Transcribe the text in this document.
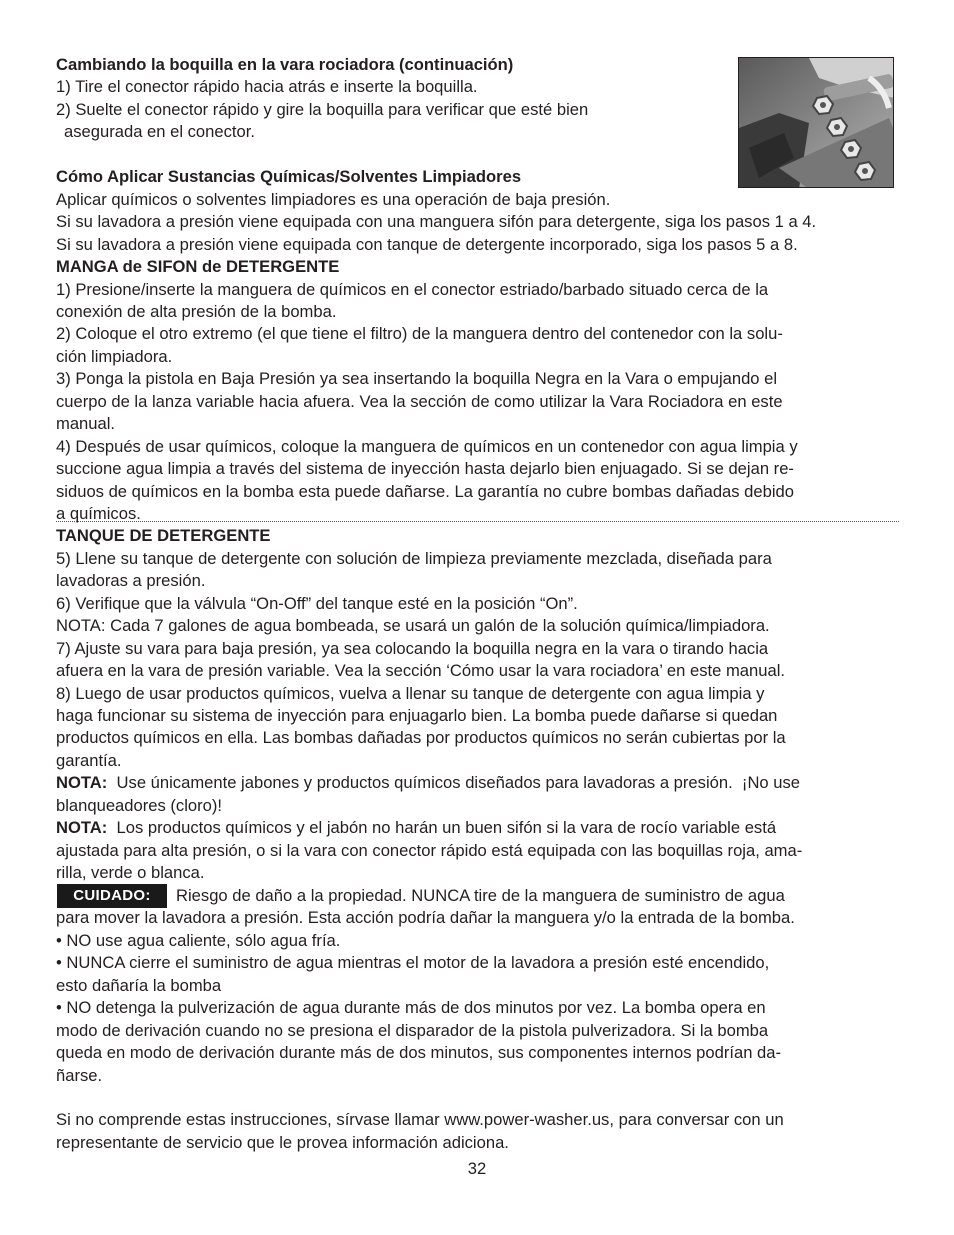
Cambiando la boquilla en la vara rociadora (continuación)
1) Tire el conector rápido hacia atrás e inserte la boquilla.
2) Suelte el conector rápido y gire la boquilla para verificar que esté bien
asegurada en el conector.
Cómo Aplicar Sustancias Químicas/Solventes Limpiadores
Aplicar químicos o solventes limpiadores es una operación de baja presión.
Si su lavadora a presión viene equipada con una manguera sifón para detergente, siga los pasos 1 a 4.
Si su lavadora a presión viene equipada con tanque de detergente incorporado, siga los pasos 5 a 8.
MANGA de SIFON de DETERGENTE
1) Presione/inserte la manguera de químicos en el conector estriado/barbado situado cerca de la
conexión de alta presión de la bomba.
2) Coloque el otro extremo (el que tiene el filtro) de la manguera dentro del contenedor con la solu-
ción limpiadora.
3) Ponga la pistola en Baja Presión ya sea insertando la boquilla Negra en la Vara o empujando el
cuerpo de la lanza variable hacia afuera. Vea la sección de como utilizar la Vara Rociadora en este
manual.
4) Después de usar químicos, coloque la manguera de químicos en un contenedor con agua limpia y
succione agua limpia a través del sistema de inyección hasta dejarlo bien enjuagado. Si se dejan re-
siduos de químicos en la bomba esta puede dañarse. La garantía no cubre bombas dañadas debido
a químicos.
TANQUE DE DETERGENTE
5) Llene su tanque de detergente con solución de limpieza previamente mezclada, diseñada para
lavadoras a presión.
6) Verifique que la válvula “On-Off” del tanque esté en la posición “On”.
NOTA: Cada 7 galones de agua bombeada, se usará un galón de la solución química/limpiadora.
7) Ajuste su vara para baja presión, ya sea colocando la boquilla negra en la vara o tirando hacia
afuera en la vara de presión variable. Vea la sección ‘Cómo usar la vara rociadora’ en este manual.
8) Luego de usar productos químicos, vuelva a llenar su tanque de detergente con agua limpia y
haga funcionar su sistema de inyección para enjuagarlo bien. La bomba puede dañarse si quedan
productos químicos en ella. Las bombas dañadas por productos químicos no serán cubiertas por la
garantía.
NOTA:  Use únicamente jabones y productos químicos diseñados para lavadoras a presión.  ¡No use
blanqueadores (cloro)!
NOTA:  Los productos químicos y el jabón no harán un buen sifón si la vara de rocío variable está
ajustada para alta presión, o si la vara con conector rápido está equipada con las boquillas roja, ama-
rilla, verde o blanca.
CUIDADO:	Riesgo de daño a la propiedad. NUNCA tire de la manguera de suministro de agua
para mover la lavadora a presión. Esta acción podría dañar la manguera y/o la entrada de la bomba.
• NO use agua caliente, sólo agua fría.
• NUNCA cierre el suministro de agua mientras el motor de la lavadora a presión esté encendido,
esto dañaría la bomba
• NO detenga la pulverización de agua durante más de dos minutos por vez. La bomba opera en
modo de derivación cuando no se presiona el disparador de la pistola pulverizadora. Si la bomba
queda en modo de derivación durante más de dos minutos, sus componentes internos podrían da-
ñarse.
Si no comprende estas instrucciones, sírvase llamar www.power-washer.us, para conversar con un
representante de servicio que le provea información adiciona.
32
